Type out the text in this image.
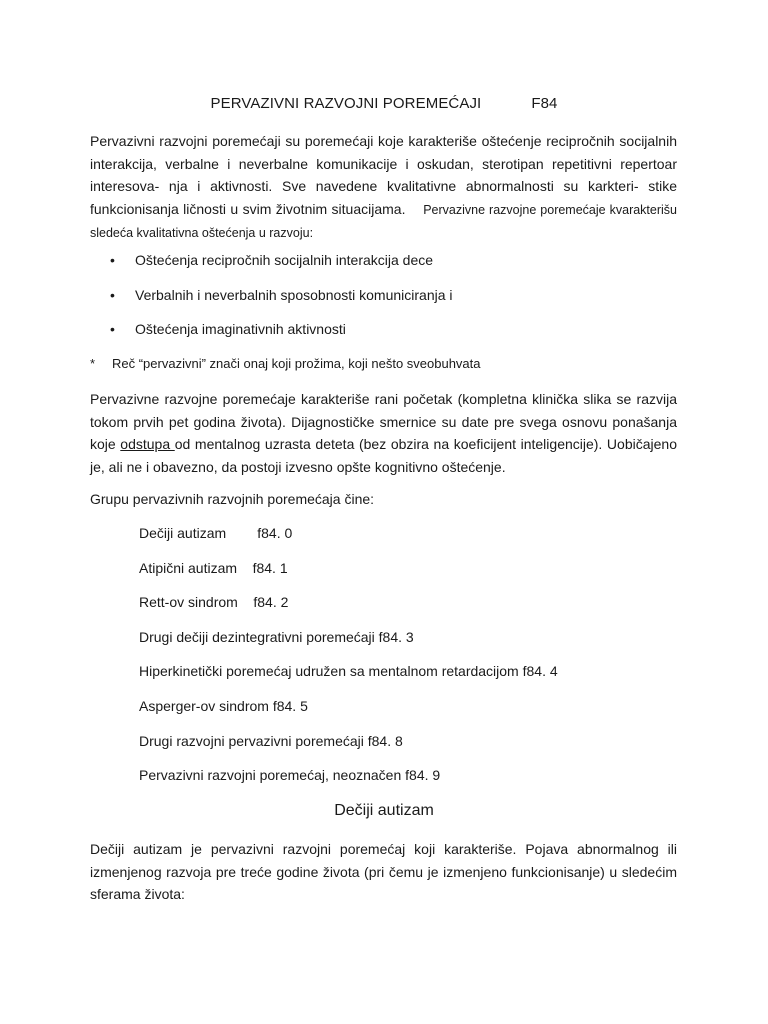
PERVAZIVNI RAZVOJNI POREMEĆAJI	F84
Pervazivni razvojni poremećaji su poremećaji koje karakteriše oštećenje recipročnih socijalnih interakcija, verbalne i neverbalne komunikacije i oskudan, sterotipan repetitivni repertoar interesova- nja i aktivnosti. Sve navedene kvalitativne abnormalnosti su karkteri- stike funkcionisanja ličnosti u svim životnim situacijama. Pervazivne razvojne poremećaje kvarakterišu sledeća kvalitativna oštećenja u razvoju:
• Oštećenja recipročnih socijalnih interakcija dece
• Verbalnih i neverbalnih sposobnosti komuniciranja i
• Oštećenja imaginativnih aktivnosti
* Reč “pervazivni” znači onaj koji prožima, koji nešto sveobuhvata
Pervazivne razvojne poremećaje karakteriše rani početak (kompletna klinička slika se razvija tokom prvih pet godina života). Dijagnostičke smernice su date pre svega osnovu ponašanja koje odstupa od mentalnog uzrasta deteta (bez obzira na koeficijent inteligencije). Uobičajeno je, ali ne i obavezno, da postoji izvesno opšte kognitivno oštećenje.
Grupu pervazivnih razvojnih poremećaja čine:
Dečiji autizam        f84. 0
Atipični autizam    f84. 1
Rett-ov sindrom    f84. 2
Drugi dečiji dezintegrativni poremećaji f84. 3
Hiperkinetički poremećaj udružen sa mentalnom retardacijom f84. 4
Asperger-ov sindrom f84. 5
Drugi razvojni pervazivni poremećaji f84. 8
Pervazivni razvojni poremećaj, neoznačen f84. 9
Dečiji autizam
Dečiji autizam je pervazivni razvojni poremećaj koji karakteriše. Pojava abnormalnog ili izmenjenog razvoja pre treće godine života (pri čemu je izmenjeno funkcionisanje) u sledećim sferama života:
